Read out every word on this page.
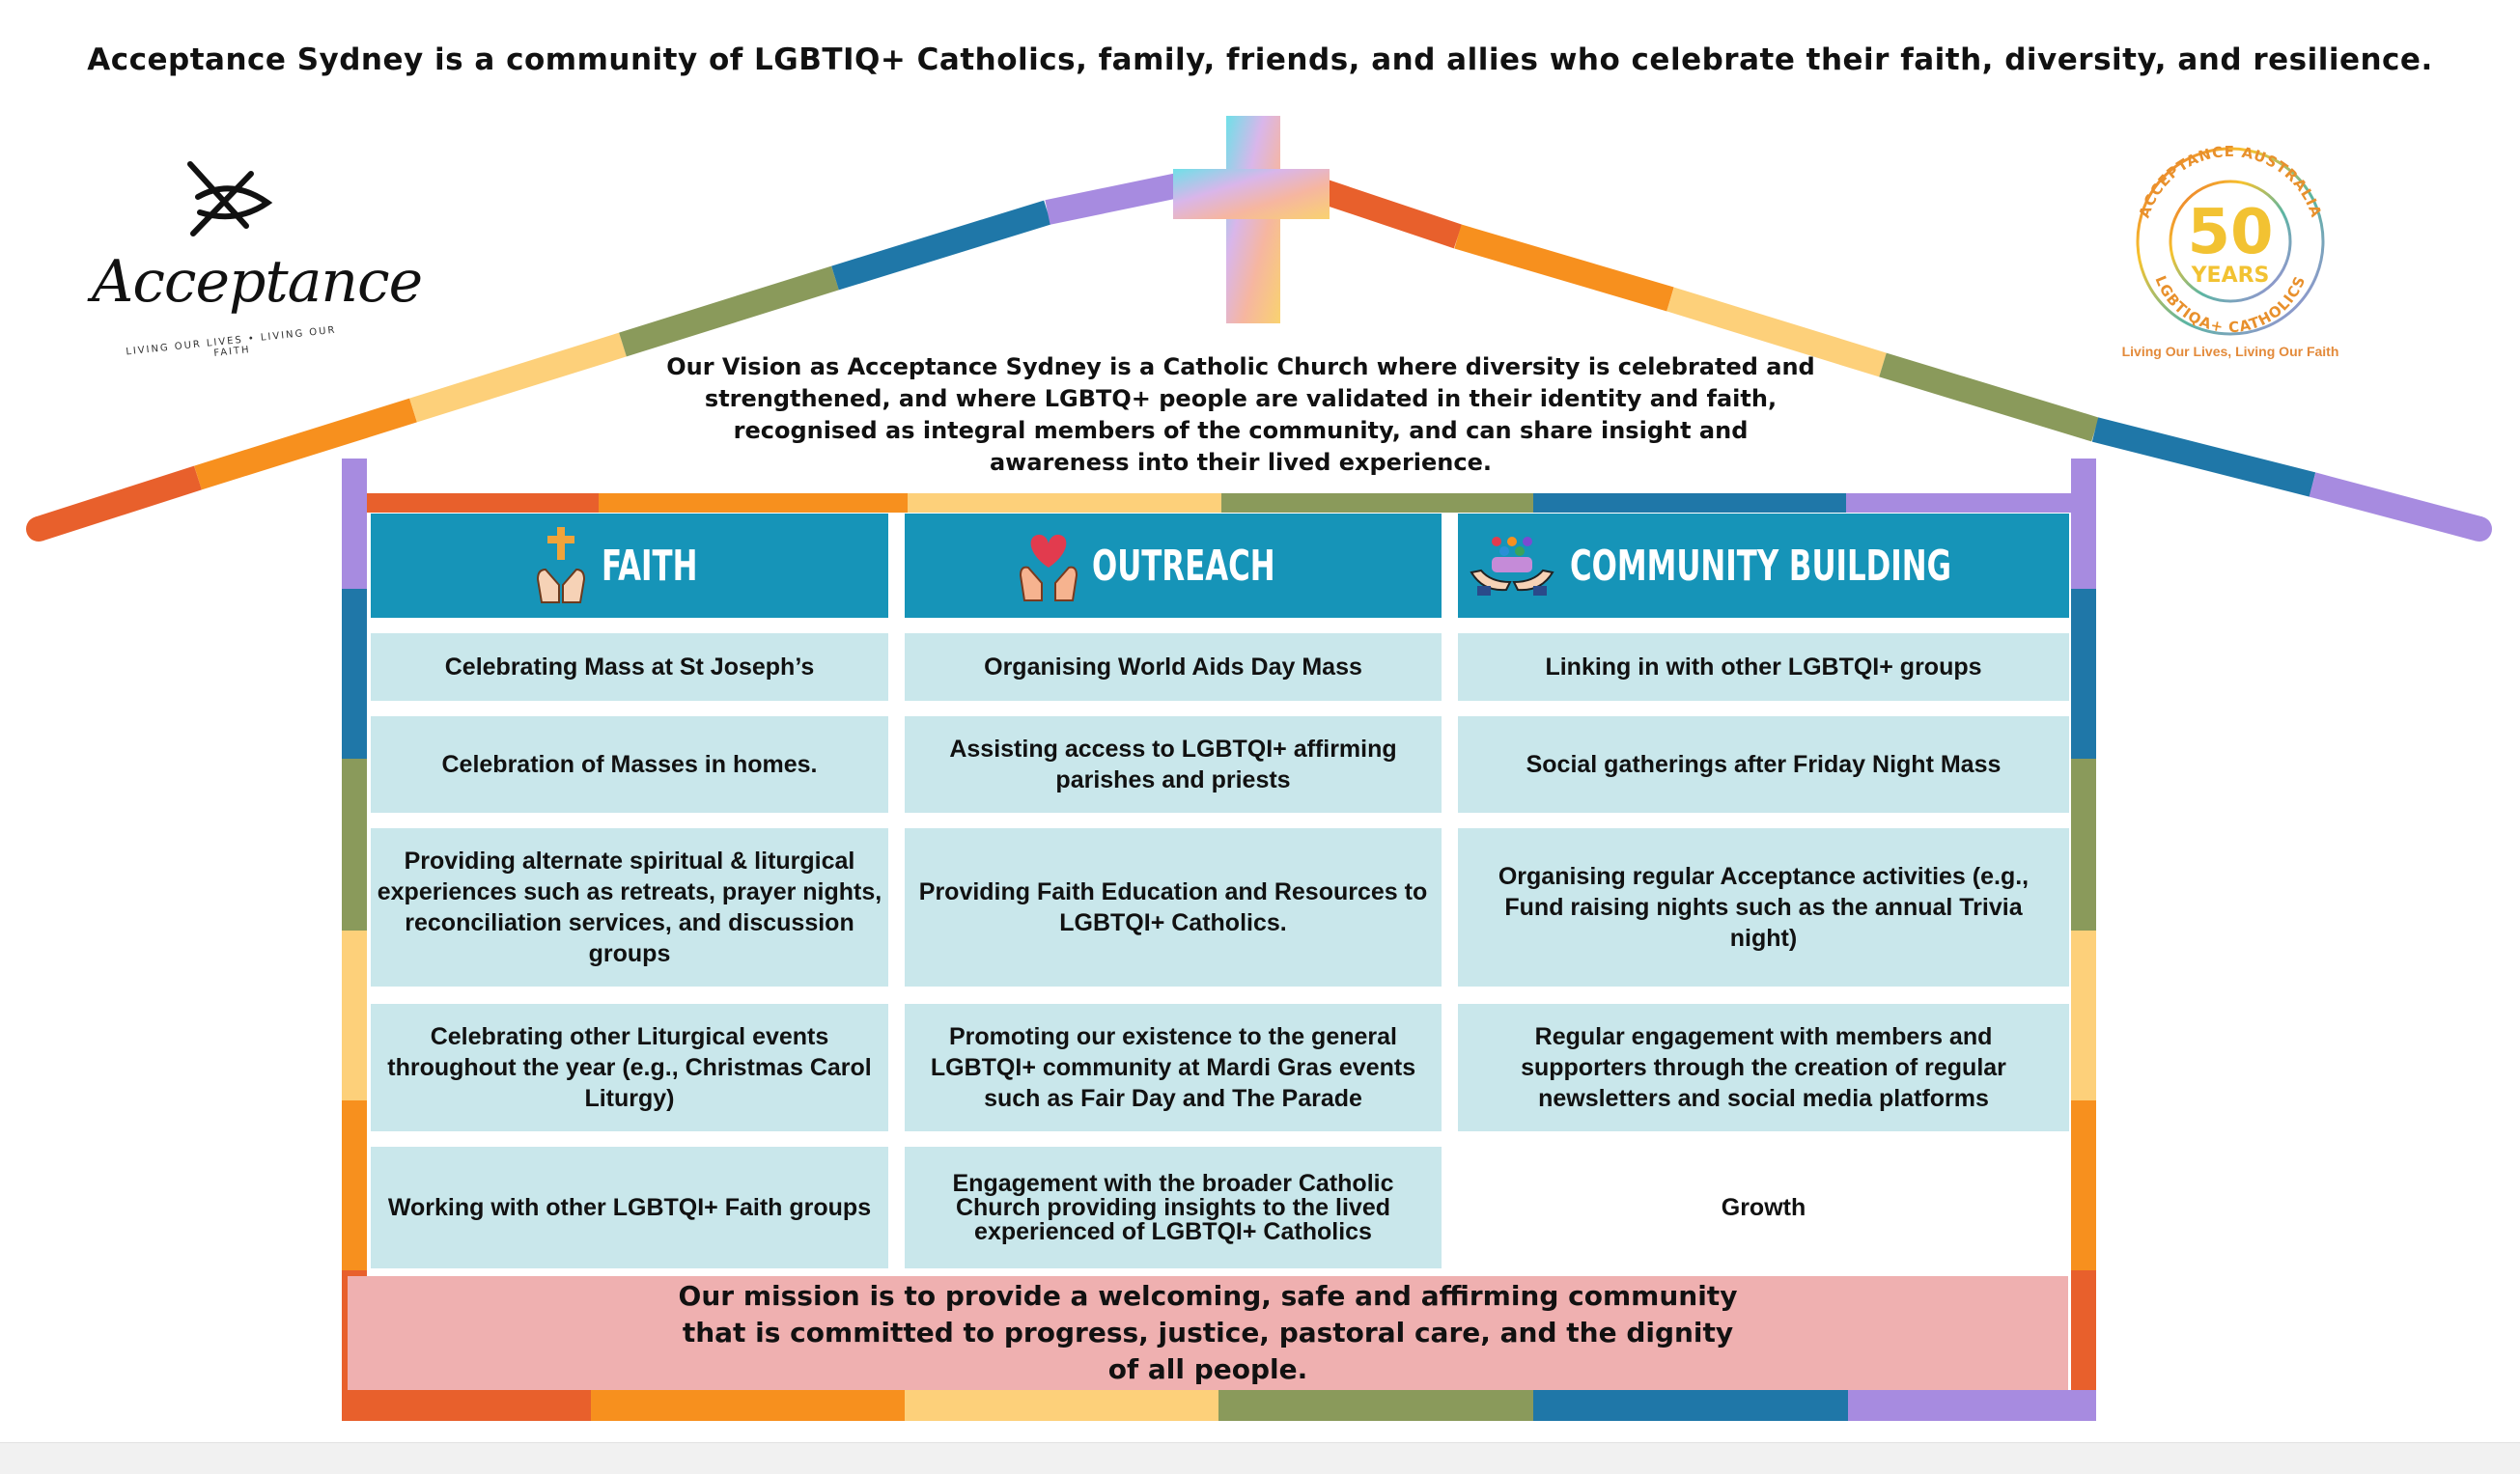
Acceptance Sydney is a community of LGBTIQ+ Catholics, family, friends, and allies who celebrate their faith, diversity, and resilience.
Acceptance
LIVING OUR LIVES • LIVING OUR FAITH
ACCEPTANCE AUSTRALIA
LGBTIQA+ CATHOLICS
50
YEARS
Living Our Lives, Living Our Faith
Our Vision as Acceptance Sydney is a Catholic Church where diversity is celebrated and strengthened, and where LGBTQ+ people are validated in their identity and faith, recognised as integral members of the community, and can share insight and awareness into their lived experience.
FAITH	OUTREACH	COMMUNITY BUILDING
Celebrating Mass at St Joseph’s
Celebration of Masses in homes.
Providing alternate spiritual & liturgical experiences such as retreats, prayer nights, reconciliation services, and discussion groups
Celebrating other Liturgical events throughout the year (e.g., Christmas Carol Liturgy)
Working with other LGBTQI+ Faith groups
Organising World Aids Day Mass
Assisting access to LGBTQI+ affirming parishes and priests
Providing Faith Education and Resources to LGBTQI+ Catholics.
Promoting our existence to the general LGBTQI+ community at Mardi Gras events such as Fair Day and The Parade
Engagement with the broader Catholic Church providing insights to the lived experienced of LGBTQI+ Catholics
Linking in with other LGBTQI+ groups
Social gatherings after Friday Night Mass
Organising regular Acceptance activities (e.g., Fund raising nights such as the annual Trivia night)
Regular engagement with members and supporters through the creation of regular newsletters and social media platforms
Growth
Our mission is to provide a welcoming, safe and affirming community that is committed to progress, justice, pastoral care, and the dignity of all people.
